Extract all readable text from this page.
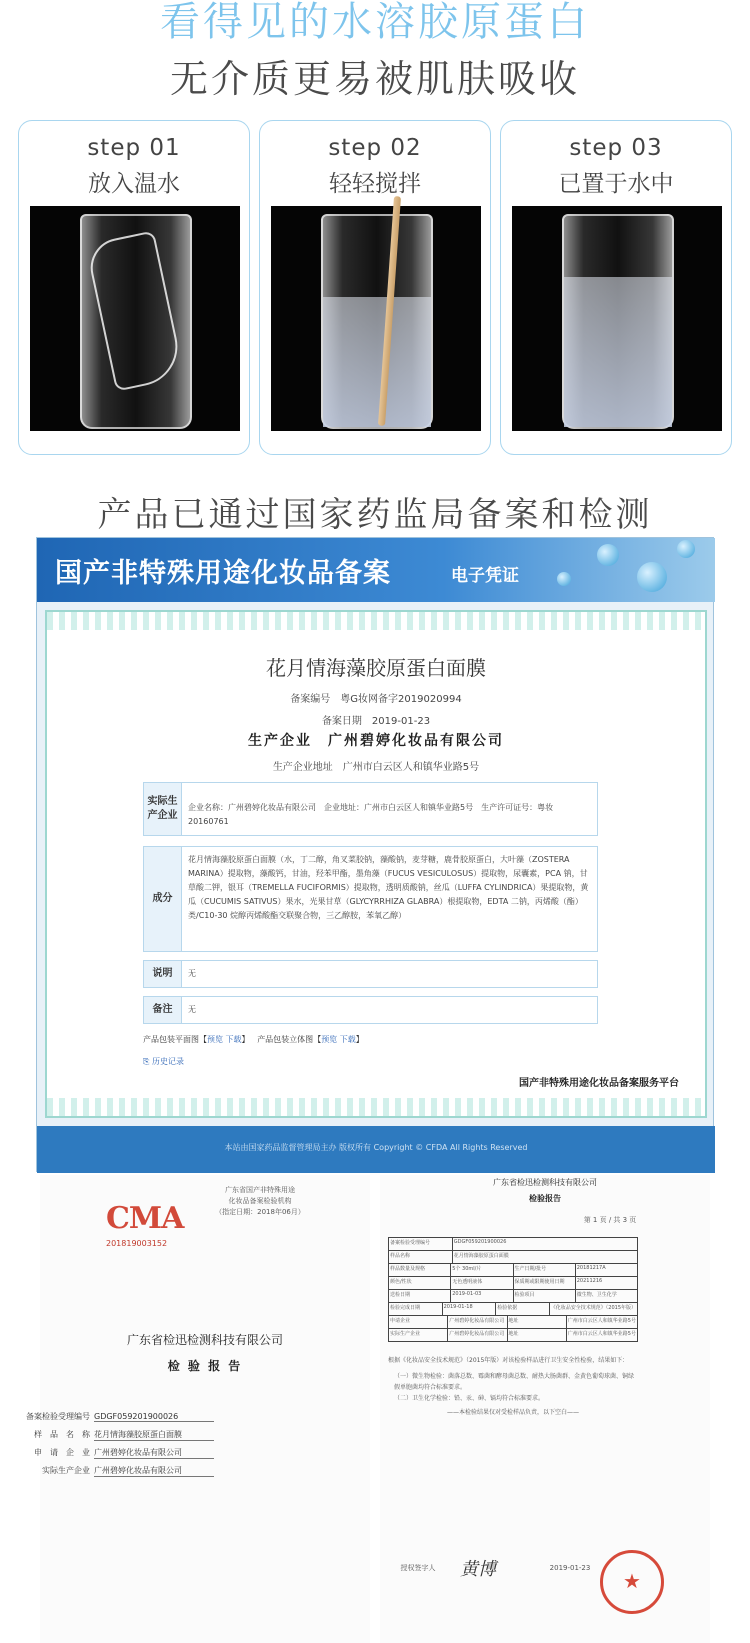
看得见的水溶胶原蛋白
无介质更易被肌肤吸收
step 01
放入温水
step 02
轻轻搅拌
step 03
已置于水中
产品已通过国家药监局备案和检测
国产非特殊用途化妆品备案	电子凭证
花月情海藻胶原蛋白面膜
备案编号　粤G妆网备字2019020994
备案日期　2019-01-23
生产企业　广州碧婷化妆品有限公司
生产企业地址　广州市白云区人和镇华业路5号
实际生产企业
企业名称：广州碧婷化妆品有限公司　企业地址：广州市白云区人和镇华业路5号　生产许可证号：粤妆20160761
成分
花月情海藻胶原蛋白面膜（水，丁二醇，角叉菜胶钠，藻酸钠，麦芽糖，鹿骨胶原蛋白，大叶藻（ZOSTERA MARINA）提取物，藻酸钙，甘油，羟苯甲酯，墨角藻（FUCUS VESICULOSUS）提取物，尿囊素，PCA 钠，甘草酸二钾，银耳（TREMELLA FUCIFORMIS）提取物，透明质酸钠，丝瓜（LUFFA CYLINDRICA）果提取物，黄瓜（CUCUMIS SATIVUS）果水，光果甘草（GLYCYRRHIZA GLABRA）根提取物，EDTA 二钠，丙烯酸（酯）类/C10-30 烷醇丙烯酸酯交联聚合物，三乙醇胺，苯氧乙醇）
说明	无
备注	无
产品包装平面图【预览 下载】   产品包装立体图【预览 下载】
⎘ 历史记录
国产非特殊用途化妆品备案服务平台
本站由国家药品监督管理局主办 版权所有 Copyright © CFDA All Rights Reserved
CMA
201819003152
广东省国产非特殊用途
化妆品备案检验机构
（指定日期：2018年06月）
广东省检迅检测科技有限公司
检 验 报 告
备案检验受理编号 GDGF059201900026
样　品　名　称 花月情海藻胶原蛋白面膜
申　请　企　业 广州碧婷化妆品有限公司
实际生产企业 广州碧婷化妆品有限公司
广东省检迅检测科技有限公司
检验报告
第 1 页 / 共 3 页
备案检验受理编号	GDGF059201900026
样品名称	花月情海藻胶原蛋白面膜
样品数量及规格	5个 30ml/片	生产日期/批号	20181217A
颜色/性状	无色透明液体	保质期或限期使用日期	20211216
送检日期	2019-01-03	检验项目	微生物、卫生化学
检验完成日期	2019-01-18	检验依据	《化妆品安全技术规范》（2015年版）
申请企业	广州碧婷化妆品有限公司 地址	广州市白云区人和镇华业路5号
实际生产企业	广州碧婷化妆品有限公司 地址	广州市白云区人和镇华业路5号
根据《化妆品安全技术规范》（2015年版）对该检验样品进行卫生安全性检验，结果如下：
（一）微生物检验：菌落总数、霉菌和酵母菌总数、耐热大肠菌群、金黄色葡萄球菌、铜绿假单胞菌均符合标准要求。
（二）卫生化学检验：铅、汞、砷、镉均符合标准要求。
——本检验结果仅对受检样品负责，以下空白——
授权签字人	黄博	2019-01-23
★
